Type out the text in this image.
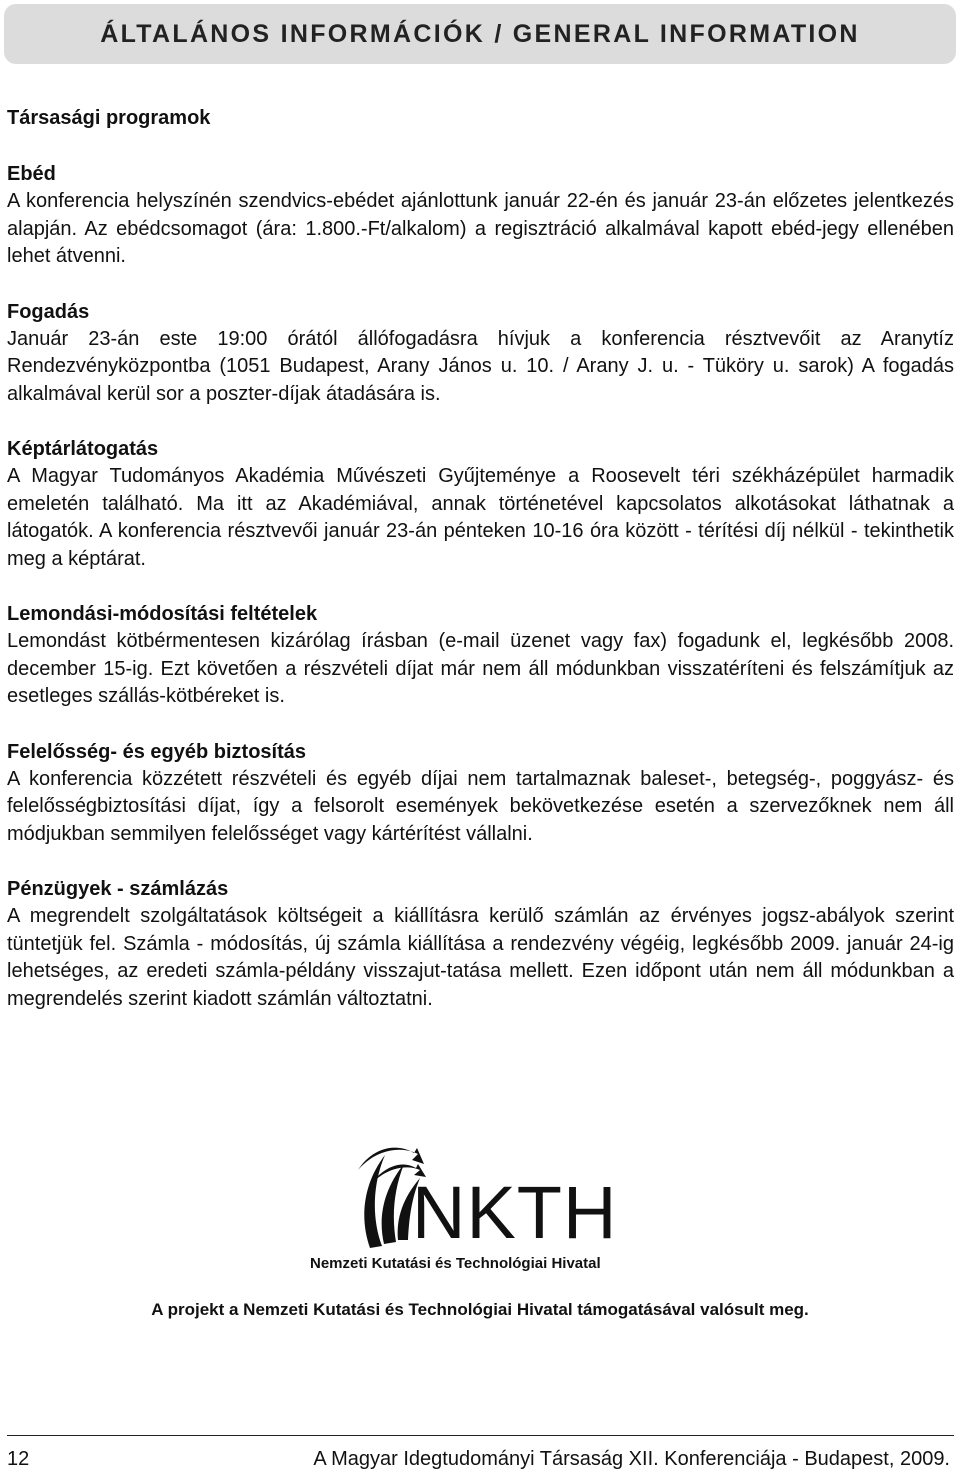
ÁLTALÁNOS INFORMÁCIÓK / GENERAL INFORMATION
Társasági programok
Ebéd

A konferencia helyszínén szendvics-ebédet ajánlottunk január 22-én és január 23-án előzetes jelentkezés alapján. Az ebédcsomagot (ára: 1.800.-Ft/alkalom) a regisztráció alkalmával kapott ebéd-jegy ellenében lehet átvenni.

Fogadás

Január 23-án este 19:00 órától állófogadásra hívjuk a konferencia résztvevőit az Aranytíz Rendezvényközpontba (1051 Budapest, Arany János u. 10. / Arany J. u. - Tüköry u. sarok) A fogadás alkalmával kerül sor a poszter-díjak átadására is.

Képtárlátogatás

A Magyar Tudományos Akadémia Művészeti Gyűjteménye a Roosevelt téri székházépület harmadik emeletén található. Ma itt az Akadémiával, annak történetével kapcsolatos alkotásokat láthatnak a látogatók. A konferencia résztvevői január 23-án pénteken 10-16 óra között - térítési díj nélkül - tekinthetik meg a képtárat.

Lemondási-módosítási feltételek

Lemondást kötbérmentesen kizárólag írásban (e-mail üzenet vagy fax) fogadunk el, legkésőbb 2008. december 15-ig. Ezt követően a részvételi díjat már nem áll módunkban visszatéríteni és felszámítjuk az esetleges szállás-kötbéreket is.

Felelősség- és egyéb biztosítás

A konferencia közzétett részvételi és egyéb díjai nem tartalmaznak baleset-, betegség-, poggyász- és felelősségbiztosítási díjat, így a felsorolt események bekövetkezése esetén a szervezőknek nem áll módjukban semmilyen felelősséget vagy kártérítést vállalni.

Pénzügyek - számlázás

A megrendelt szolgáltatások költségeit a kiállításra kerülő számlán az érvényes jogsz-abályok szerint tüntetjük fel. Számla - módosítás, új számla kiállítása a rendezvény végéig, legkésőbb 2009. január 24-ig lehetséges, az eredeti számla-példány visszajut-tatása mellett. Ezen időpont után nem áll módunkban a megrendelés szerint kiadott számlán változtatni.

NKTH
Nemzeti Kutatási és Technológiai Hivatal
A projekt a Nemzeti Kutatási és Technológiai Hivatal támogatásával valósult meg.
12	A Magyar Idegtudományi Társaság XII. Konferenciája - Budapest, 2009.
